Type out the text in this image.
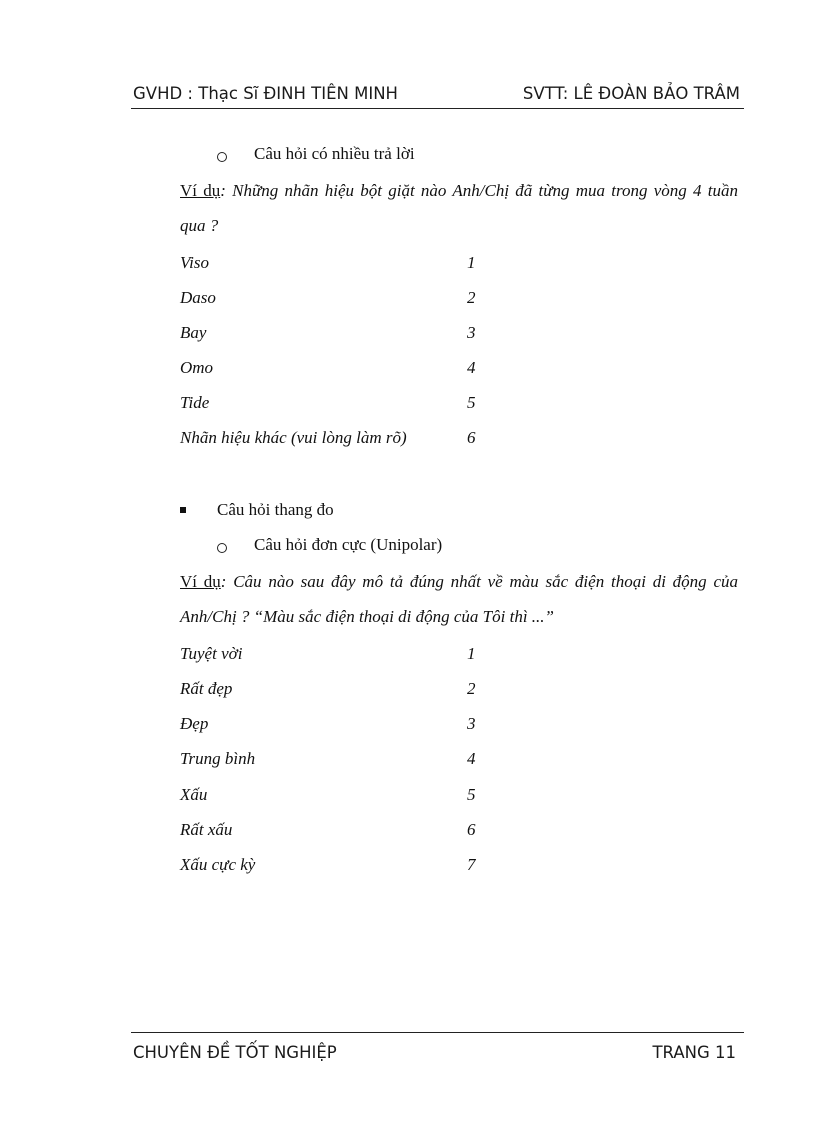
GVHD : Thạc Sĩ ĐINH TIÊN MINH	SVTT: LÊ ĐOÀN BẢO TRÂM
Câu hỏi có nhiều trả lời
Ví dụ: Những nhãn hiệu bột giặt nào Anh/Chị đã từng mua trong vòng 4 tuần
qua ?
Viso	1
Daso	2
Bay	3
Omo	4
Tide	5
Nhãn hiệu khác (vui lòng làm rõ)	6
Câu hỏi thang đo
Câu hỏi đơn cực (Unipolar)
Ví dụ: Câu nào sau đây mô tả đúng nhất về màu sắc điện thoại di động của
Anh/Chị ? “Màu sắc điện thoại di động của Tôi thì ...”
Tuyệt vời	1
Rất đẹp	2
Đẹp	3
Trung bình	4
Xấu	5
Rất xấu	6
Xấu cực kỳ	7
CHUYÊN ĐỀ TỐT NGHIỆP	TRANG 11
